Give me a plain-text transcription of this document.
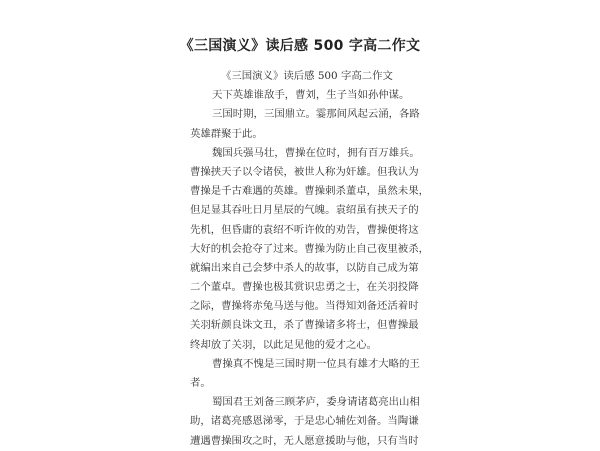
《三国演义》读后感 500 字高二作文
《三国演义》读后感 500 字高二作文
天下英雄谁敌手，曹刘，生子当如孙仲谋。
三国时期，三国鼎立。霎那间风起云涌，各路
英雄群聚于此。
魏国兵强马壮，曹操在位时，拥有百万雄兵。
曹操挟天子以令诸侯，被世人称为奸雄。但我认为
曹操是千古难遇的英雄。曹操刺杀董卓，虽然未果，
但足显其吞吐日月星辰的气魄。袁绍虽有挟天子的
先机，但昏庸的袁绍不听许攸的劝告，曹操便将这
大好的机会抢夺了过来。曹操为防止自己夜里被杀，
就编出来自己会梦中杀人的故事，以防自己成为第
二个董卓。曹操也极其赏识忠勇之士，在关羽投降
之际，曹操将赤兔马送与他。当得知刘备还活着时
关羽斩颜良诛文丑，杀了曹操诸多将士，但曹操最
终却放了关羽，以此足见他的爱才之心。
曹操真不愧是三国时期一位具有雄才大略的王
者。
蜀国君王刘备三顾茅庐，委身请诸葛亮出山相
助，诸葛亮感恩涕零，于是忠心辅佐刘备。当陶谦
遭遇曹操围攻之时，无人愿意援助与他，只有当时
